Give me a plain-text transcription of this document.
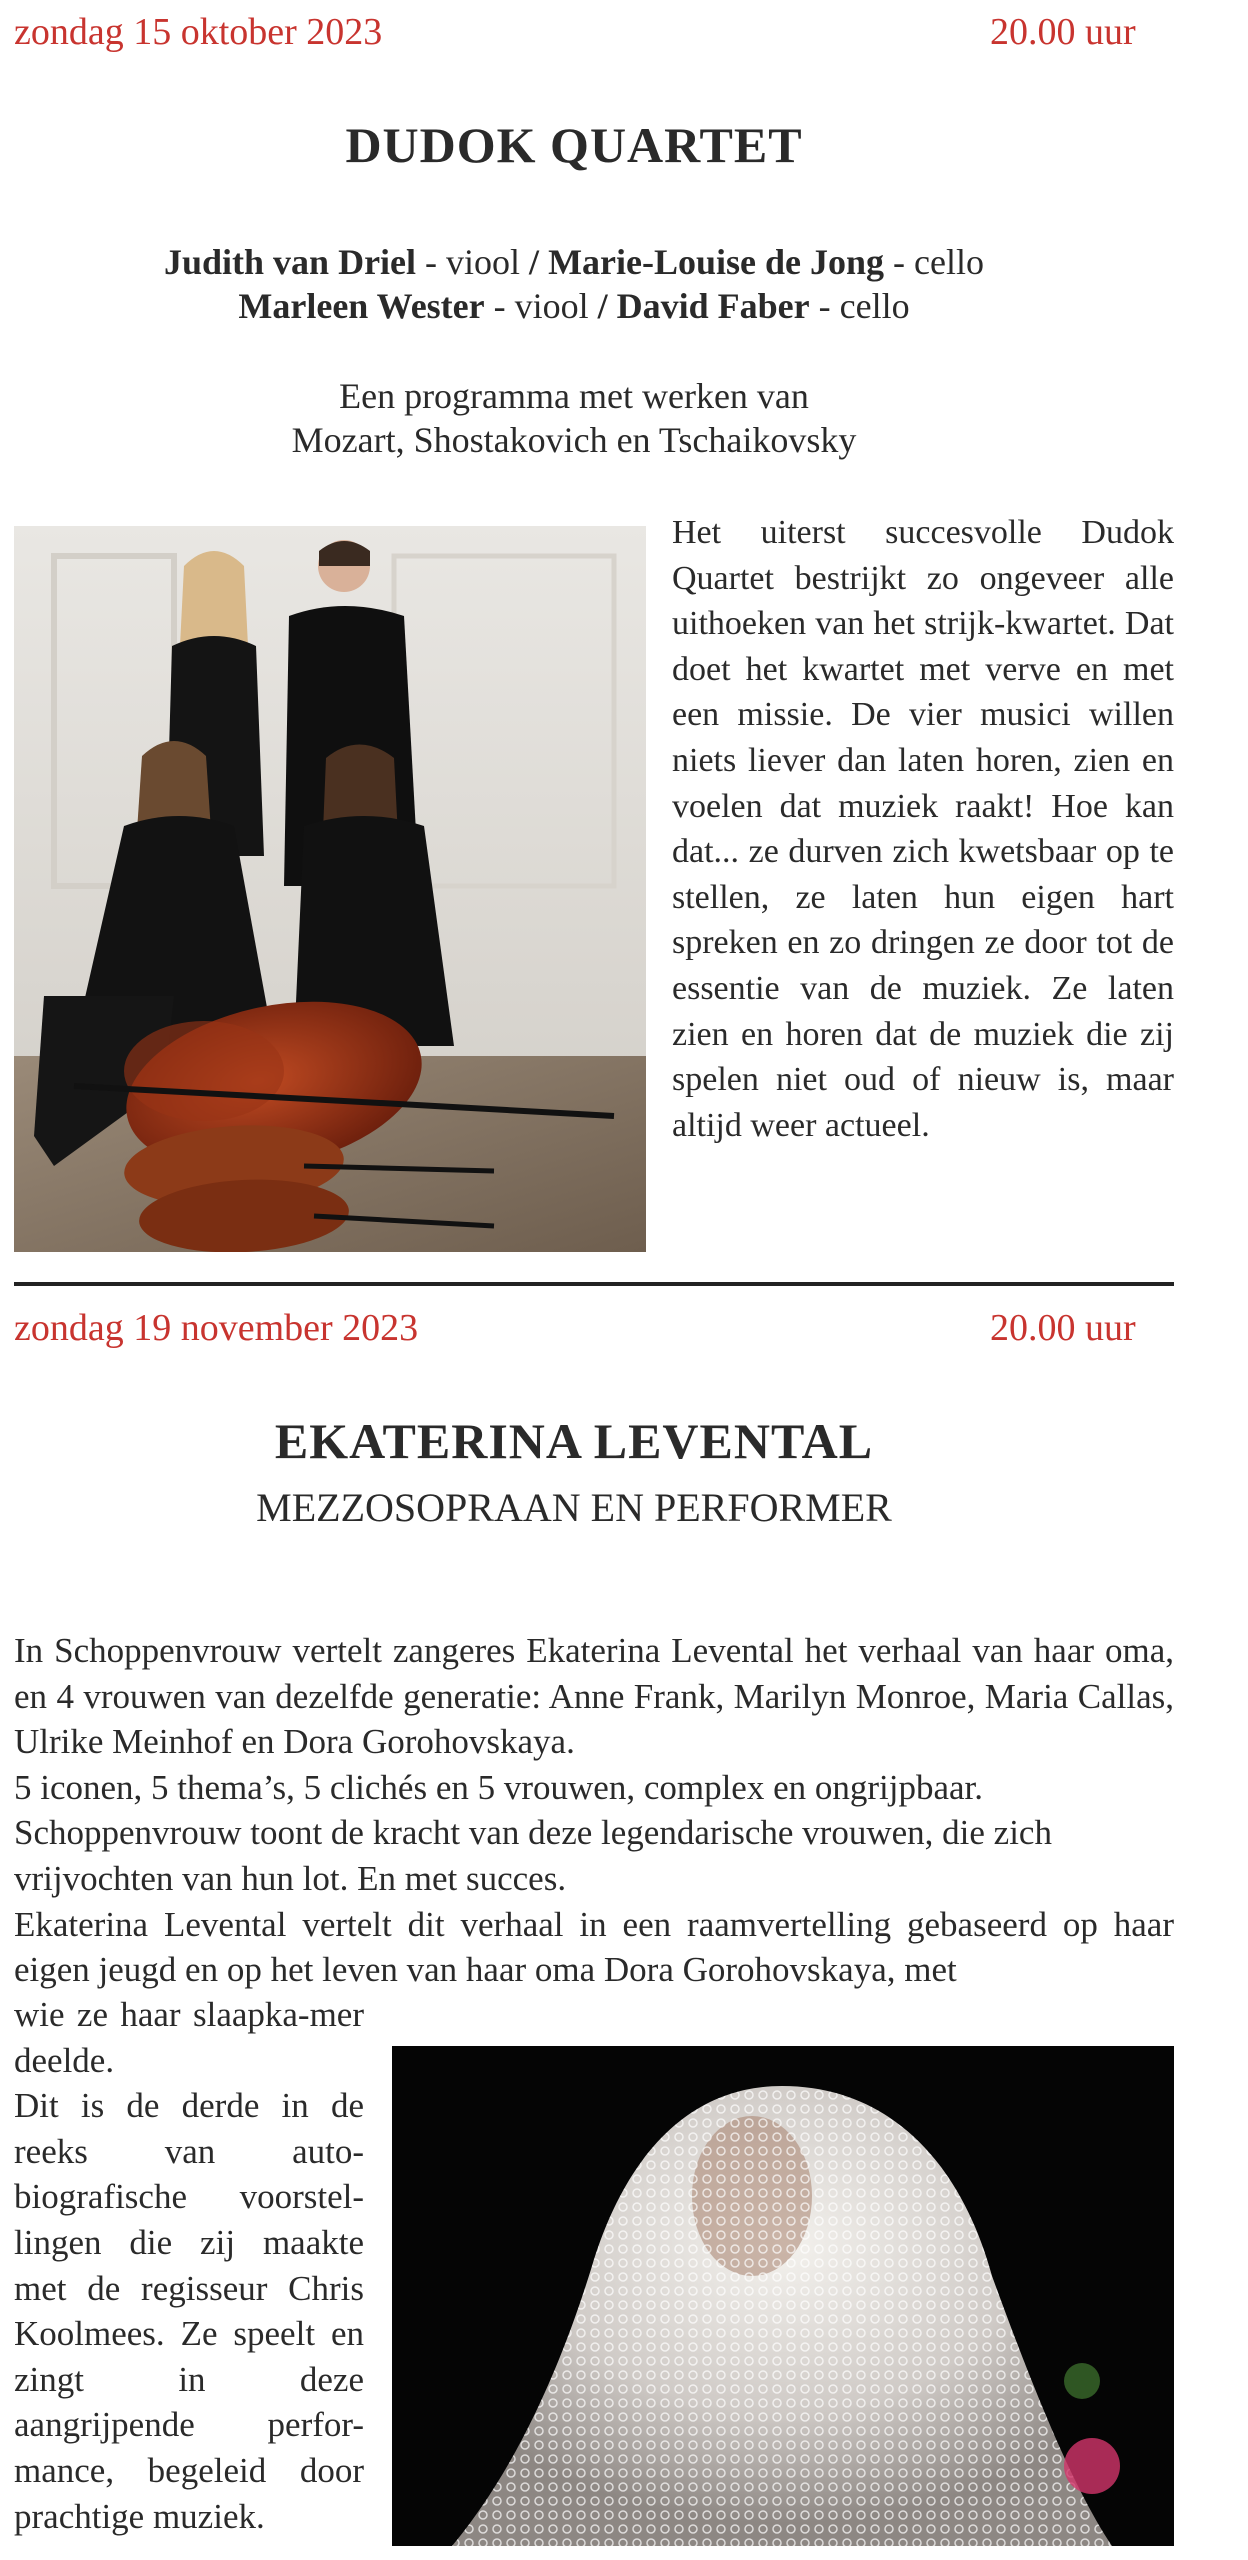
zondag 15 oktober 2023	20.00 uur
DUDOK QUARTET
Judith van Driel - viool / Marie-Louise de Jong - cello
Marleen Wester - viool / David Faber - cello
Een programma met werken van
Mozart, Shostakovich en Tschaikovsky
Het uiterst succesvolle Dudok Quartet bestrijkt zo ongeveer alle uithoeken van het strijk-kwartet. Dat doet het kwartet met verve en met een missie. De vier musici willen niets liever dan laten horen, zien en voelen dat muziek raakt! Hoe kan dat... ze durven zich kwetsbaar op te stellen, ze laten hun eigen hart spreken en zo dringen ze door tot de essentie van de muziek. Ze laten zien en horen dat de muziek die zij spelen niet oud of nieuw is, maar altijd weer actueel.
zondag 19 november 2023	20.00 uur
EKATERINA LEVENTAL
MEZZOSOPRAAN EN PERFORMER
In Schoppenvrouw vertelt zangeres Ekaterina Levental het verhaal van haar oma, en 4 vrouwen van dezelfde generatie: Anne Frank, Marilyn Monroe, Maria Callas, Ulrike Meinhof en Dora Gorohovskaya.
5 iconen, 5 thema’s, 5 clichés en 5 vrouwen, complex en ongrijpbaar.
Schoppenvrouw toont de kracht van deze legendarische vrouwen, die zich vrijvochten van hun lot. En met succes.
Ekaterina Levental vertelt dit verhaal in een raamvertelling gebaseerd op haar eigen jeugd en op het leven van haar oma Dora Gorohovskaya, met
wie ze haar slaapka-mer deelde.
Dit is de derde in de reeks van auto-biografische voorstel-lingen die zij maakte met de regisseur Chris Koolmees. Ze speelt en zingt in deze aangrijpende perfor-mance, begeleid door prachtige muziek.
